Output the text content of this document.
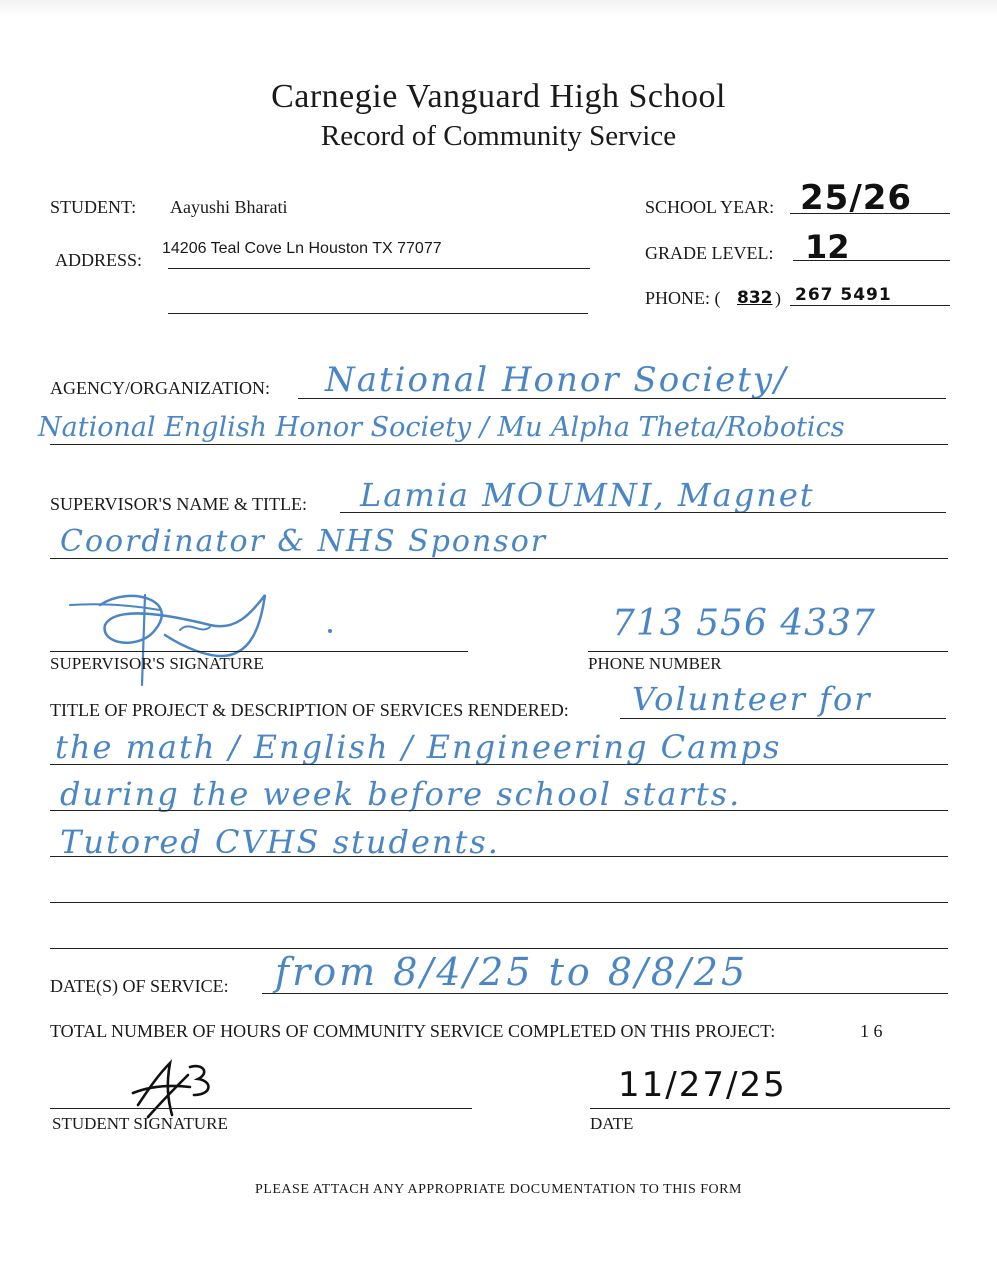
Carnegie Vanguard High School
Record of Community Service
STUDENT: Aayushi Bharati	SCHOOL YEAR: 25/26
ADDRESS:
14206 Teal Cove Ln Houston TX 77077	GRADE LEVEL: 12
PHONE: ( 832 ) 267 5491
AGENCY/ORGANIZATION: National Honor Society/
National English Honor Society / Mu Alpha Theta/Robotics
SUPERVISOR'S NAME & TITLE: Lamia MOUMNI, Magnet
Coordinator & NHS Sponsor
SUPERVISOR'S SIGNATURE
713 556 4337
PHONE NUMBER
TITLE OF PROJECT & DESCRIPTION OF SERVICES RENDERED: Volunteer for
the math / English / Engineering Camps
during the week before school starts.
Tutored CVHS students.
DATE(S) OF SERVICE: from 8/4/25 to 8/8/25
TOTAL NUMBER OF HOURS OF COMMUNITY SERVICE COMPLETED ON THIS PROJECT:	1 6
STUDENT SIGNATURE
11/27/25
DATE
PLEASE ATTACH ANY APPROPRIATE DOCUMENTATION TO THIS FORM
